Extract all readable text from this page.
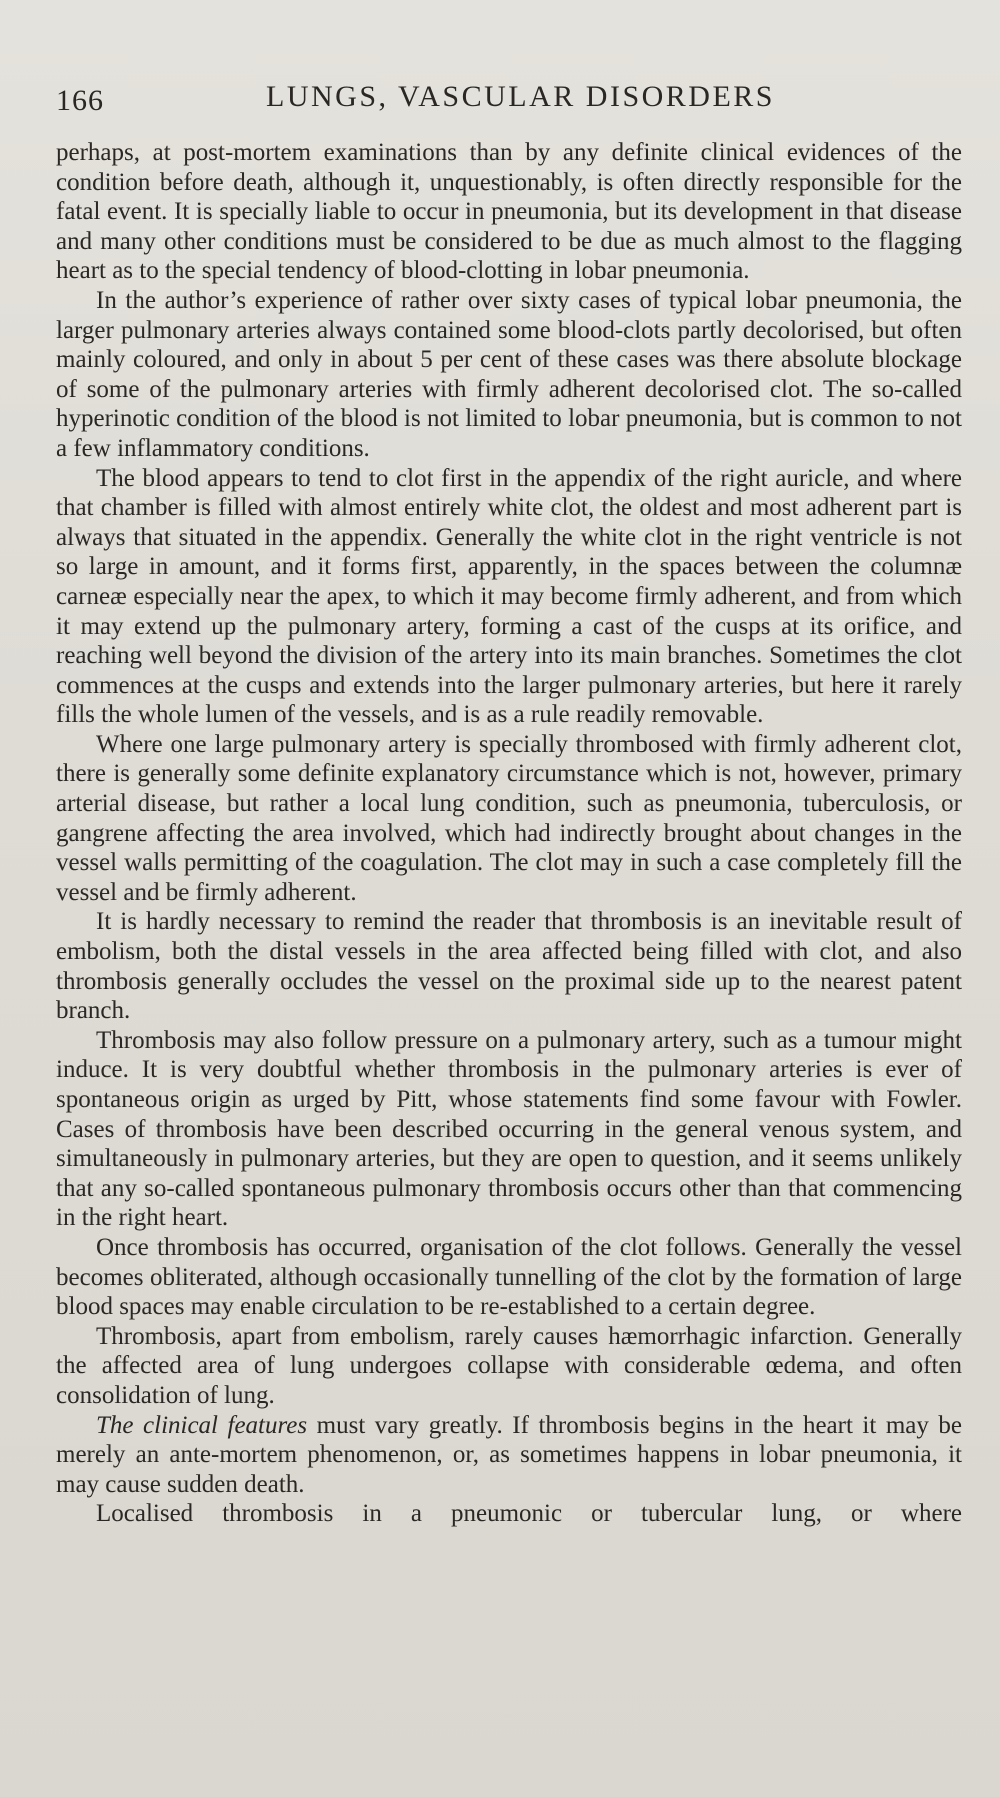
166	LUNGS, VASCULAR DISORDERS

perhaps, at post-mortem examinations than by any definite clinical evidences of the condition before death, although it, unquestionably, is often directly responsible for the fatal event. It is specially liable to occur in pneumonia, but its development in that disease and many other conditions must be considered to be due as much almost to the flagging heart as to the special tendency of blood-clotting in lobar pneumonia.

In the author’s experience of rather over sixty cases of typical lobar pneumonia, the larger pulmonary arteries always contained some blood-clots partly decolorised, but often mainly coloured, and only in about 5 per cent of these cases was there absolute blockage of some of the pulmonary arteries with firmly adherent decolorised clot. The so-called hyperinotic condition of the blood is not limited to lobar pneumonia, but is common to not a few inflammatory conditions.

The blood appears to tend to clot first in the appendix of the right auricle, and where that chamber is filled with almost entirely white clot, the oldest and most adherent part is always that situated in the appendix. Generally the white clot in the right ventricle is not so large in amount, and it forms first, apparently, in the spaces between the columnæ carneæ especially near the apex, to which it may become firmly adherent, and from which it may extend up the pulmonary artery, forming a cast of the cusps at its orifice, and reaching well beyond the division of the artery into its main branches. Sometimes the clot commences at the cusps and extends into the larger pulmonary arteries, but here it rarely fills the whole lumen of the vessels, and is as a rule readily removable.

Where one large pulmonary artery is specially thrombosed with firmly adherent clot, there is generally some definite explanatory circumstance which is not, however, primary arterial disease, but rather a local lung condition, such as pneumonia, tuberculosis, or gangrene affecting the area involved, which had indirectly brought about changes in the vessel walls permitting of the coagulation. The clot may in such a case completely fill the vessel and be firmly adherent.

It is hardly necessary to remind the reader that thrombosis is an inevitable result of embolism, both the distal vessels in the area affected being filled with clot, and also thrombosis generally occludes the vessel on the proximal side up to the nearest patent branch.

Thrombosis may also follow pressure on a pulmonary artery, such as a tumour might induce. It is very doubtful whether thrombosis in the pulmonary arteries is ever of spontaneous origin as urged by Pitt, whose statements find some favour with Fowler. Cases of thrombosis have been described occurring in the general venous system, and simultaneously in pulmonary arteries, but they are open to question, and it seems unlikely that any so-called spontaneous pulmonary thrombosis occurs other than that commencing in the right heart.

Once thrombosis has occurred, organisation of the clot follows. Generally the vessel becomes obliterated, although occasionally tunnelling of the clot by the formation of large blood spaces may enable circulation to be re-established to a certain degree.

Thrombosis, apart from embolism, rarely causes hæmorrhagic infarction. Generally the affected area of lung undergoes collapse with considerable œdema, and often consolidation of lung.

The clinical features must vary greatly. If thrombosis begins in the heart it may be merely an ante-mortem phenomenon, or, as sometimes happens in lobar pneumonia, it may cause sudden death.

Localised thrombosis in a pneumonic or tubercular lung, or where
